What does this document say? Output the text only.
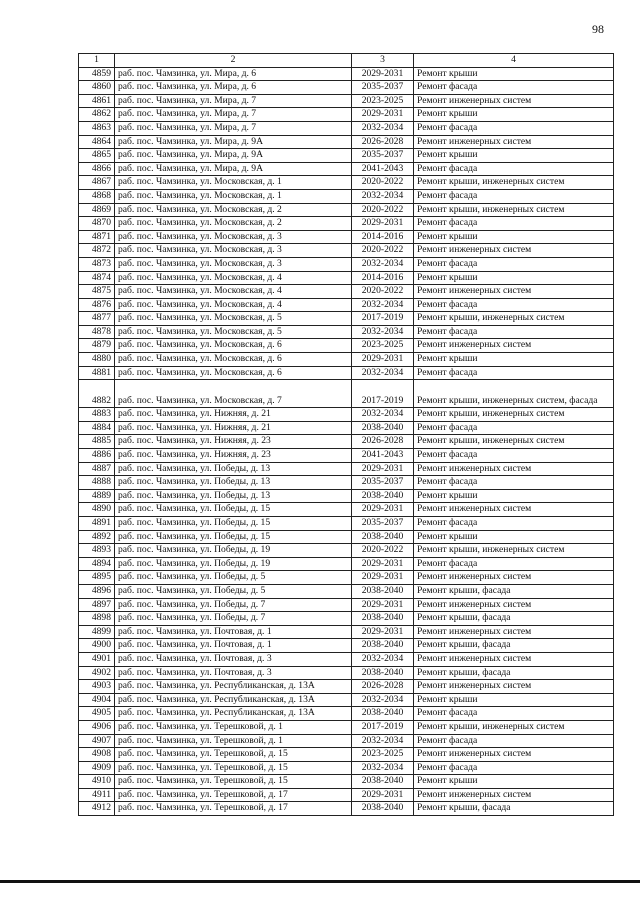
98
1	2	3	4
4859	раб. пос. Чамзинка, ул. Мира, д. 6	2029-2031	Ремонт крыши
4860	раб. пос. Чамзинка, ул. Мира, д. 6	2035-2037	Ремонт фасада
4861	раб. пос. Чамзинка, ул. Мира, д. 7	2023-2025	Ремонт инженерных систем
4862	раб. пос. Чамзинка, ул. Мира, д. 7	2029-2031	Ремонт крыши
4863	раб. пос. Чамзинка, ул. Мира, д. 7	2032-2034	Ремонт фасада
4864	раб. пос. Чамзинка, ул. Мира, д. 9А	2026-2028	Ремонт инженерных систем
4865	раб. пос. Чамзинка, ул. Мира, д. 9А	2035-2037	Ремонт крыши
4866	раб. пос. Чамзинка, ул. Мира, д. 9А	2041-2043	Ремонт фасада
4867	раб. пос. Чамзинка, ул. Московская, д. 1	2020-2022	Ремонт крыши, инженерных систем
4868	раб. пос. Чамзинка, ул. Московская, д. 1	2032-2034	Ремонт фасада
4869	раб. пос. Чамзинка, ул. Московская, д. 2	2020-2022	Ремонт крыши, инженерных систем
4870	раб. пос. Чамзинка, ул. Московская, д. 2	2029-2031	Ремонт фасада
4871	раб. пос. Чамзинка, ул. Московская, д. 3	2014-2016	Ремонт крыши
4872	раб. пос. Чамзинка, ул. Московская, д. 3	2020-2022	Ремонт инженерных систем
4873	раб. пос. Чамзинка, ул. Московская, д. 3	2032-2034	Ремонт фасада
4874	раб. пос. Чамзинка, ул. Московская, д. 4	2014-2016	Ремонт крыши
4875	раб. пос. Чамзинка, ул. Московская, д. 4	2020-2022	Ремонт инженерных систем
4876	раб. пос. Чамзинка, ул. Московская, д. 4	2032-2034	Ремонт фасада
4877	раб. пос. Чамзинка, ул. Московская, д. 5	2017-2019	Ремонт крыши, инженерных систем
4878	раб. пос. Чамзинка, ул. Московская, д. 5	2032-2034	Ремонт фасада
4879	раб. пос. Чамзинка, ул. Московская, д. 6	2023-2025	Ремонт инженерных систем
4880	раб. пос. Чамзинка, ул. Московская, д. 6	2029-2031	Ремонт крыши
4881	раб. пос. Чамзинка, ул. Московская, д. 6	2032-2034	Ремонт фасада
4882	раб. пос. Чамзинка, ул. Московская, д. 7	2017-2019	Ремонт крыши, инженерных систем, фасада
4883	раб. пос. Чамзинка, ул. Нижняя, д. 21	2032-2034	Ремонт крыши, инженерных систем
4884	раб. пос. Чамзинка, ул. Нижняя, д. 21	2038-2040	Ремонт фасада
4885	раб. пос. Чамзинка, ул. Нижняя, д. 23	2026-2028	Ремонт крыши, инженерных систем
4886	раб. пос. Чамзинка, ул. Нижняя, д. 23	2041-2043	Ремонт фасада
4887	раб. пос. Чамзинка, ул. Победы, д. 13	2029-2031	Ремонт инженерных систем
4888	раб. пос. Чамзинка, ул. Победы, д. 13	2035-2037	Ремонт фасада
4889	раб. пос. Чамзинка, ул. Победы, д. 13	2038-2040	Ремонт крыши
4890	раб. пос. Чамзинка, ул. Победы, д. 15	2029-2031	Ремонт инженерных систем
4891	раб. пос. Чамзинка, ул. Победы, д. 15	2035-2037	Ремонт фасада
4892	раб. пос. Чамзинка, ул. Победы, д. 15	2038-2040	Ремонт крыши
4893	раб. пос. Чамзинка, ул. Победы, д. 19	2020-2022	Ремонт крыши, инженерных систем
4894	раб. пос. Чамзинка, ул. Победы, д. 19	2029-2031	Ремонт фасада
4895	раб. пос. Чамзинка, ул. Победы, д. 5	2029-2031	Ремонт инженерных систем
4896	раб. пос. Чамзинка, ул. Победы, д. 5	2038-2040	Ремонт крыши, фасада
4897	раб. пос. Чамзинка, ул. Победы, д. 7	2029-2031	Ремонт инженерных систем
4898	раб. пос. Чамзинка, ул. Победы, д. 7	2038-2040	Ремонт крыши, фасада
4899	раб. пос. Чамзинка, ул. Почтовая, д. 1	2029-2031	Ремонт инженерных систем
4900	раб. пос. Чамзинка, ул. Почтовая, д. 1	2038-2040	Ремонт крыши, фасада
4901	раб. пос. Чамзинка, ул. Почтовая, д. 3	2032-2034	Ремонт инженерных систем
4902	раб. пос. Чамзинка, ул. Почтовая, д. 3	2038-2040	Ремонт крыши, фасада
4903	раб. пос. Чамзинка, ул. Республиканская, д. 13А	2026-2028	Ремонт инженерных систем
4904	раб. пос. Чамзинка, ул. Республиканская, д. 13А	2032-2034	Ремонт крыши
4905	раб. пос. Чамзинка, ул. Республиканская, д. 13А	2038-2040	Ремонт фасада
4906	раб. пос. Чамзинка, ул. Терешковой, д. 1	2017-2019	Ремонт крыши, инженерных систем
4907	раб. пос. Чамзинка, ул. Терешковой, д. 1	2032-2034	Ремонт фасада
4908	раб. пос. Чамзинка, ул. Терешковой, д. 15	2023-2025	Ремонт инженерных систем
4909	раб. пос. Чамзинка, ул. Терешковой, д. 15	2032-2034	Ремонт фасада
4910	раб. пос. Чамзинка, ул. Терешковой, д. 15	2038-2040	Ремонт крыши
4911	раб. пос. Чамзинка, ул. Терешковой, д. 17	2029-2031	Ремонт инженерных систем
4912	раб. пос. Чамзинка, ул. Терешковой, д. 17	2038-2040	Ремонт крыши, фасада
